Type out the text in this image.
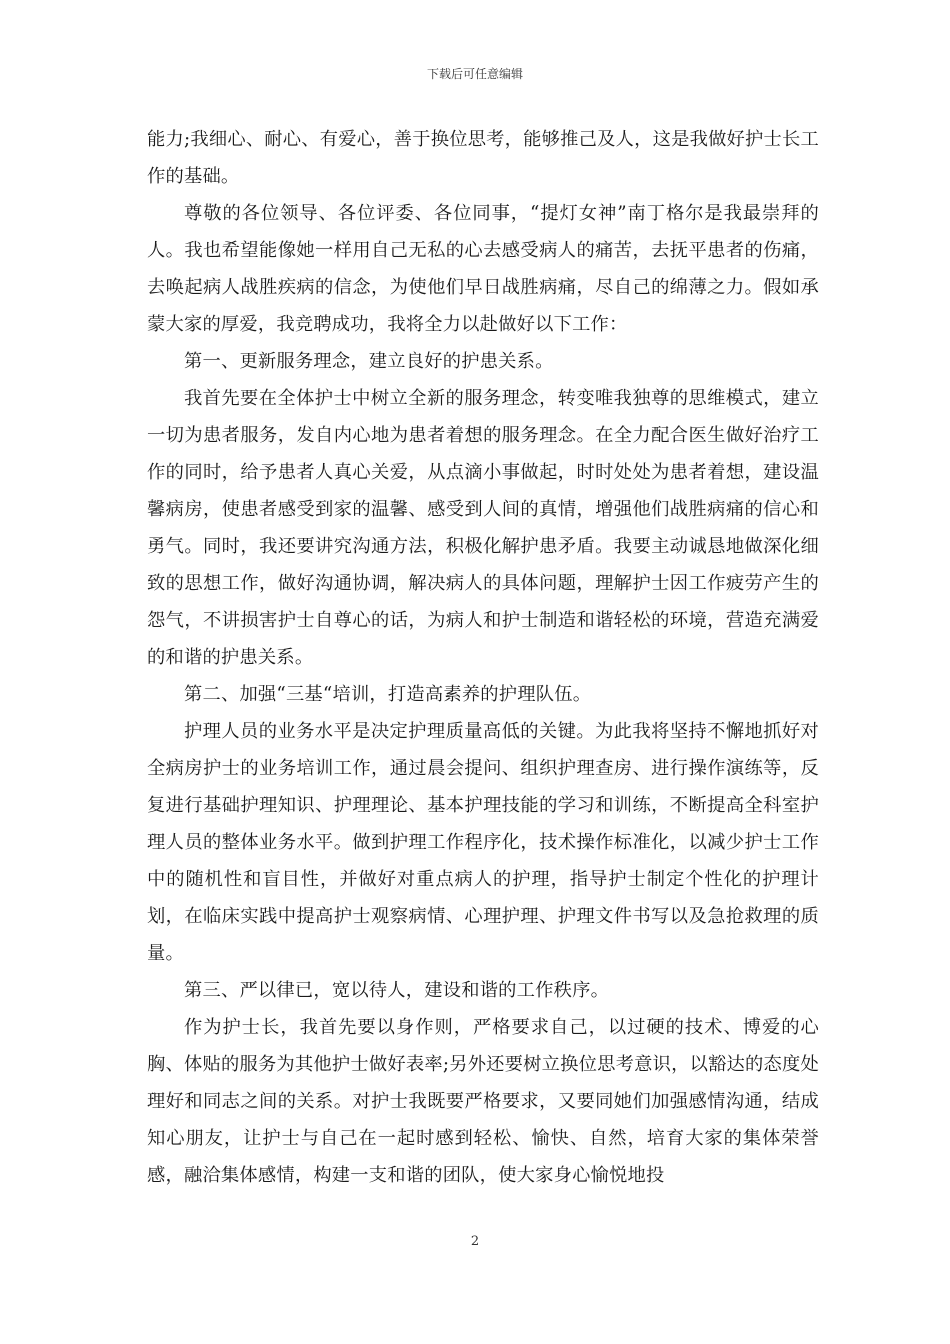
下载后可任意编辑

能力;我细心、耐心、有爱心，善于换位思考，能够推己及人，这是我做好护士长工作的基础。

尊敬的各位领导、各位评委、各位同事，“提灯女神”南丁格尔是我最崇拜的人。我也希望能像她一样用自己无私的心去感受病人的痛苦，去抚平患者的伤痛，去唤起病人战胜疾病的信念，为使他们早日战胜病痛，尽自己的绵薄之力。假如承蒙大家的厚爱，我竞聘成功，我将全力以赴做好以下工作：

第一、更新服务理念，建立良好的护患关系。

我首先要在全体护士中树立全新的服务理念，转变唯我独尊的思维模式，建立一切为患者服务，发自内心地为患者着想的服务理念。在全力配合医生做好治疗工作的同时，给予患者人真心关爱，从点滴小事做起，时时处处为患者着想，建设温馨病房，使患者感受到家的温馨、感受到人间的真情，增强他们战胜病痛的信心和勇气。同时，我还要讲究沟通方法，积极化解护患矛盾。我要主动诚恳地做深化细致的思想工作，做好沟通协调，解决病人的具体问题，理解护士因工作疲劳产生的怨气，不讲损害护士自尊心的话，为病人和护士制造和谐轻松的环境，营造充满爱的和谐的护患关系。

第二、加强“三基“培训，打造高素养的护理队伍。

护理人员的业务水平是决定护理质量高低的关键。为此我将坚持不懈地抓好对全病房护士的业务培训工作，通过晨会提问、组织护理查房、进行操作演练等，反复进行基础护理知识、护理理论、基本护理技能的学习和训练，不断提高全科室护理人员的整体业务水平。做到护理工作程序化，技术操作标准化，以减少护士工作中的随机性和盲目性，并做好对重点病人的护理，指导护士制定个性化的护理计划，在临床实践中提高护士观察病情、心理护理、护理文件书写以及急抢救理的质量。

第三、严以律已，宽以待人，建设和谐的工作秩序。

作为护士长，我首先要以身作则，严格要求自己，以过硬的技术、博爱的心胸、体贴的服务为其他护士做好表率;另外还要树立换位思考意识，以豁达的态度处理好和同志之间的关系。对护士我既要严格要求，又要同她们加强感情沟通，结成知心朋友，让护士与自己在一起时感到轻松、愉快、自然，培育大家的集体荣誉感，融洽集体感情，构建一支和谐的团队，使大家身心愉悦地投

2
